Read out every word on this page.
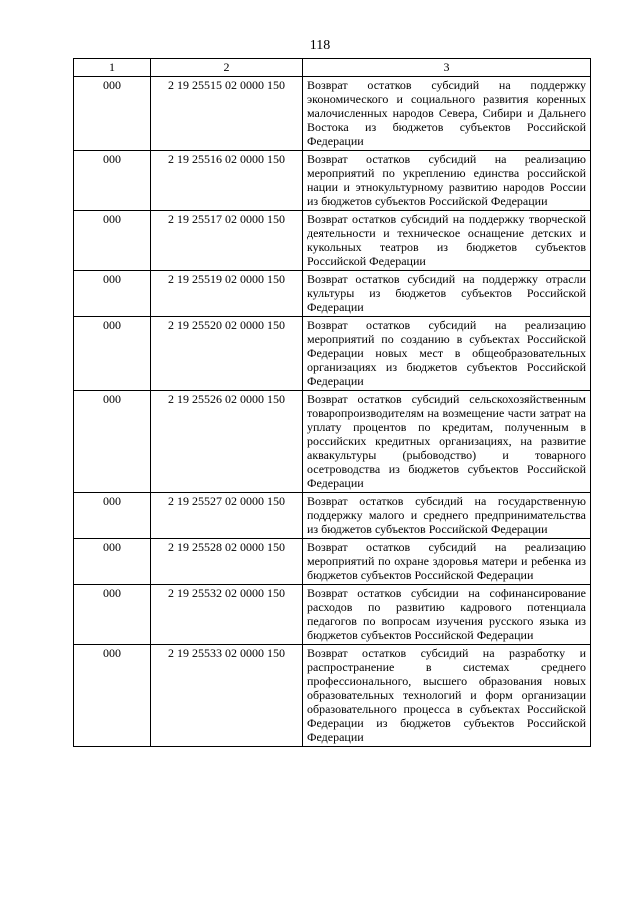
118
1	2	3
000	2 19 25515 02 0000 150	Возврат остатков субсидий на поддержку экономического и социального развития коренных малочисленных народов Севера, Сибири и Дальнего Востока из бюджетов субъектов Российской Федерации
000	2 19 25516 02 0000 150	Возврат остатков субсидий на реализацию мероприятий по укреплению единства российской нации и этнокультурному развитию народов России из бюджетов субъектов Российской Федерации
000	2 19 25517 02 0000 150	Возврат остатков субсидий на поддержку творческой деятельности и техническое оснащение детских и кукольных театров из бюджетов субъектов Российской Федерации
000	2 19 25519 02 0000 150	Возврат остатков субсидий на поддержку отрасли культуры из бюджетов субъектов Российской Федерации
000	2 19 25520 02 0000 150	Возврат остатков субсидий на реализацию мероприятий по созданию в субъектах Российской Федерации новых мест в общеобразовательных организациях из бюджетов субъектов Российской Федерации
000	2 19 25526 02 0000 150	Возврат остатков субсидий сельскохозяйственным товаропроизводителям на возмещение части затрат на уплату процентов по кредитам, полученным в российских кредитных организациях, на развитие аквакультуры (рыбоводство) и товарного осетроводства из бюджетов субъектов Российской Федерации
000	2 19 25527 02 0000 150	Возврат остатков субсидий на государственную поддержку малого и среднего предпринимательства из бюджетов субъектов Российской Федерации
000	2 19 25528 02 0000 150	Возврат остатков субсидий на реализацию мероприятий по охране здоровья матери и ребенка из бюджетов субъектов Российской Федерации
000	2 19 25532 02 0000 150	Возврат остатков субсидии на софинансирование расходов по развитию кадрового потенциала педагогов по вопросам изучения русского языка из бюджетов субъектов Российской Федерации
000	2 19 25533 02 0000 150	Возврат остатков субсидий на разработку и распространение в системах среднего профессионального, высшего образования новых образовательных технологий и форм организации образовательного процесса в субъектах Российской Федерации из бюджетов субъектов Российской Федерации
